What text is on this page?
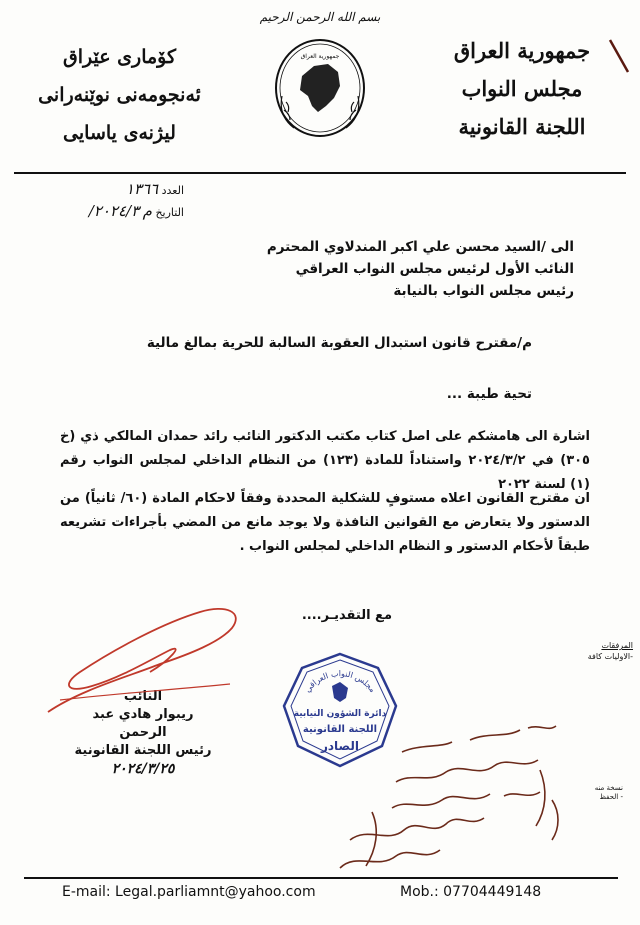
بسم الله الرحمن الرحيم
جمهورية العراق
مجلس النواب
اللجنة القانونية
كۆمارى عێراق
ئەنجومەنی نوێنەرانی
لیژنەی یاسایی
جمهورية العراق
العدد ١٣٦٦
التاريخ م ٢٠٢٤/٣/
الى /السيد محسن علي اكبر المندلاوي المحترم
النائب الأول لرئيس مجلس النواب العراقي
رئيس مجلس النواب بالنيابة
م/مقترح قانون استبدال العقوبة السالبة للحرية بمالغ مالية
تحية طيبة ...
اشارة الى هامشكم على اصل كتاب مكتب الدكتور النائب رائد حمدان المالكي ذي (خ ٣٠٥) في ٢٠٢٤/٣/٢ واستناداً للمادة (١٢٣) من النظام الداخلي لمجلس النواب رقم (١) لسنة ٢٠٢٢
ان مقترح القانون اعلاه مستوفٍ للشكلية المحددة وفقاً لاحكام المادة (٦٠/ ثانياً) من الدستور ولا يتعارض مع القوانين النافذة ولا يوجد مانع من المضي بأجراءات تشريعه طبقاً لأحكام الدستور و النظام الداخلي لمجلس النواب .
مع التقديـر....
المرفقات
-الاوليات كافة
مجلس النواب العراقي
دائرة الشؤون النيابية
اللجنة القانونية
الصادر
النائب
ريبوار هادي عبد الرحمن
رئيس اللجنة القانونية
٢٠٢٤/٣/٢٥
نسخة منه
- الحفظ
E-mail: Legal.parliamnt@yahoo.com	Mob.: 07704449148
